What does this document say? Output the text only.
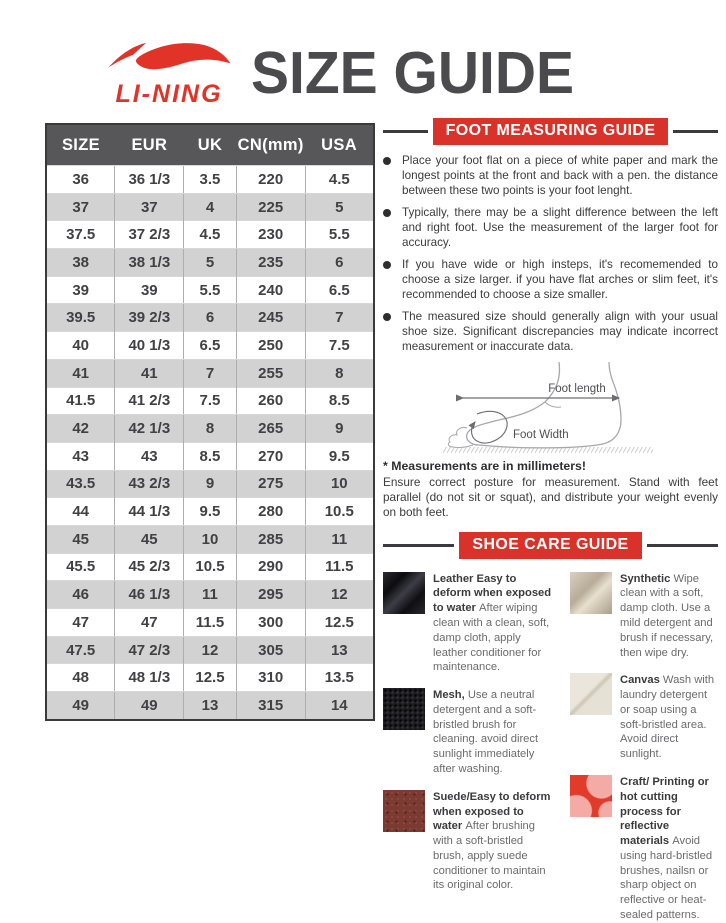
LI-NING SIZE GUIDE
SIZE	EUR	UK	CN(mm)	USA
36	36 1/3	3.5	220	4.5
37	37	4	225	5
37.5	37 2/3	4.5	230	5.5
38	38 1/3	5	235	6
39	39	5.5	240	6.5
39.5	39 2/3	6	245	7
40	40 1/3	6.5	250	7.5
41	41	7	255	8
41.5	41 2/3	7.5	260	8.5
42	42 1/3	8	265	9
43	43	8.5	270	9.5
43.5	43 2/3	9	275	10
44	44 1/3	9.5	280	10.5
45	45	10	285	11
45.5	45 2/3	10.5	290	11.5
46	46 1/3	11	295	12
47	47	11.5	300	12.5
47.5	47 2/3	12	305	13
48	48 1/3	12.5	310	13.5
49	49	13	315	14
FOOT MEASURING GUIDE
Place your foot flat on a piece of white paper and mark the longest points at the front and back with a pen. the distance between these two points is your foot lenght.
Typically, there may be a slight difference between the left and right foot. Use the measurement of the larger foot for accuracy.
If you have wide or high insteps, it's recomemended to choose a size larger. if you have flat arches or slim feet, it's recommended to choose a size smaller.
The measured size should generally align with your usual shoe size. Significant discrepancies may indicate incorrect measurement or inaccurate data.
Foot length
Foot Width
* Measurements are in millimeters!
Ensure correct posture for measurement. Stand with feet parallel (do not sit or squat), and distribute your weight evenly on both feet.
SHOE CARE GUIDE
Leather Easy to deform when exposed to water After wiping clean with a clean, soft, damp cloth, apply leather conditioner for maintenance.
Mesh, Use a neutral detergent and a soft-bristled brush for cleaning. avoid direct sunlight immediately after washing.
Suede/Easy to deform when exposed to water After brushing with a soft-bristled brush, apply suede conditioner to maintain its original color.
Synthetic Wipe clean with a soft, damp cloth. Use a mild detergent and brush if necessary, then wipe dry.
Canvas Wash with laundry detergent or soap using a soft-bristled area. Avoid direct sunlight.
Craft/ Printing or hot cutting process for reflective materials Avoid using hard-bristled brushes, nailsn or sharp object on reflective or heat-sealed patterns.
